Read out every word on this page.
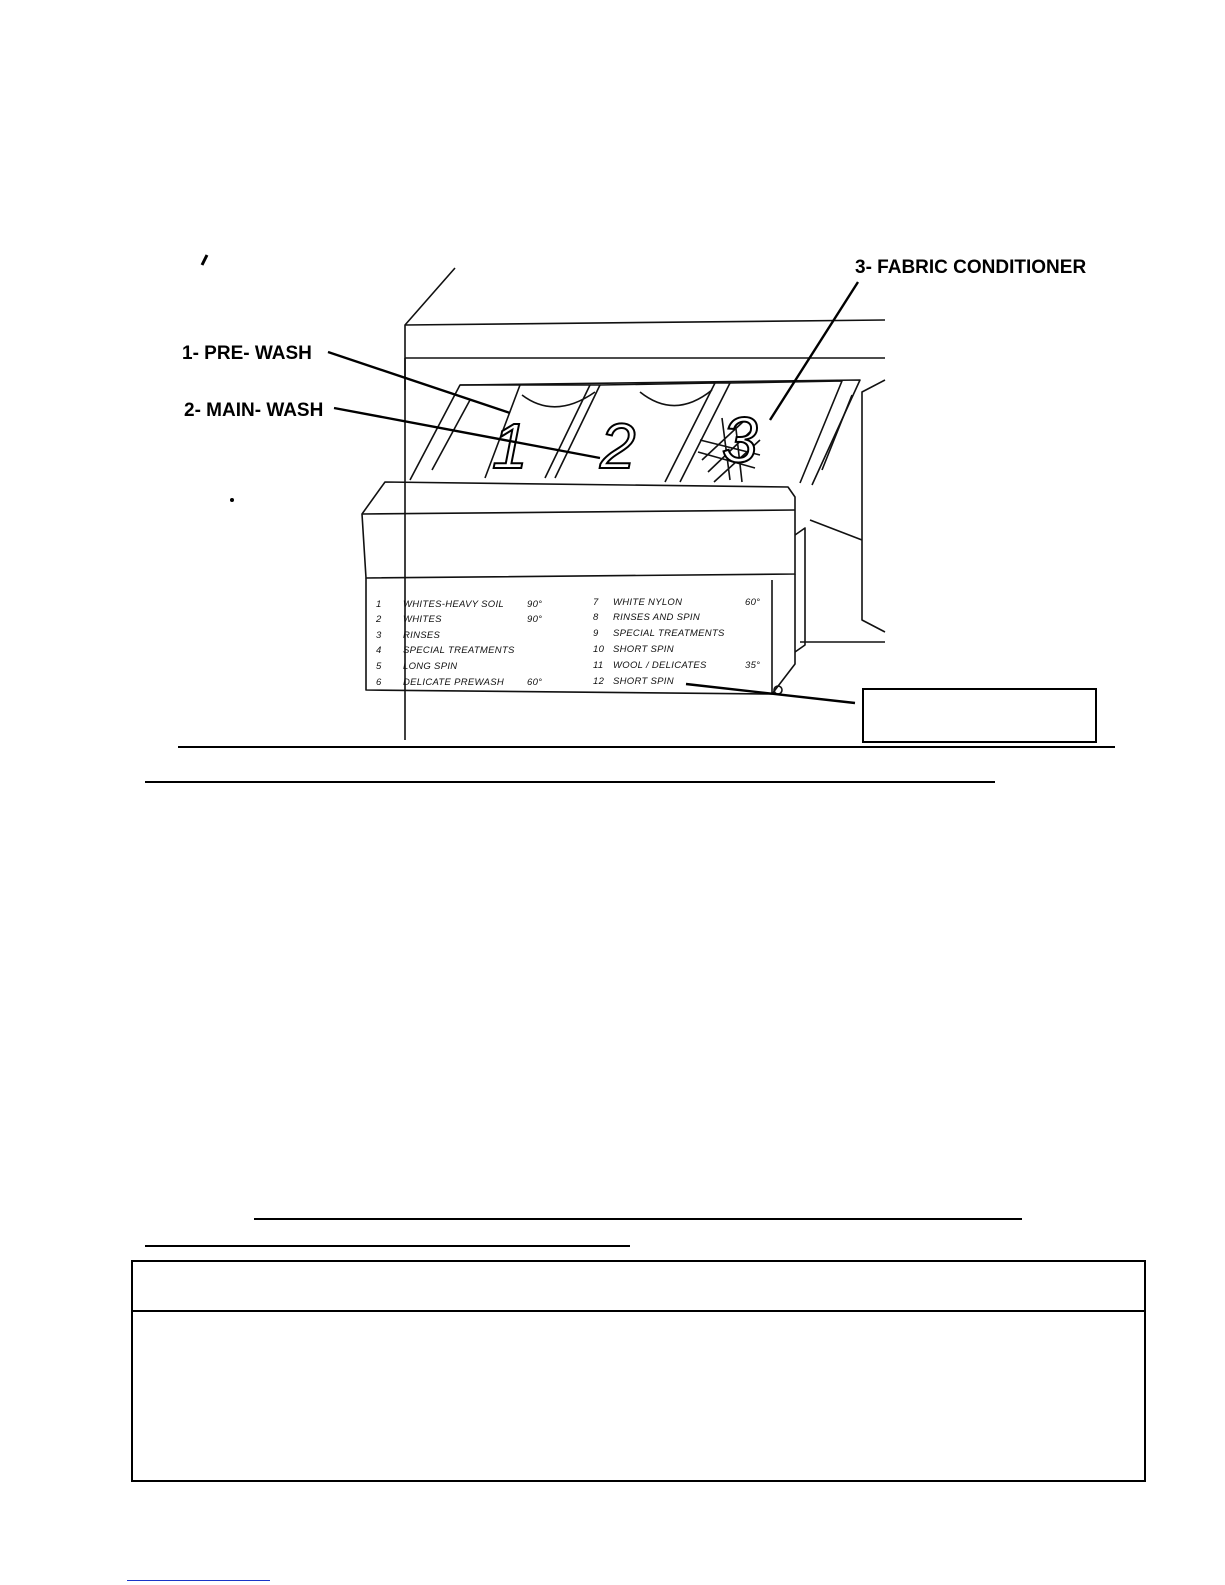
1 2 3
1- PRE- WASH
2- MAIN- WASH
3- FABRIC CONDITIONER
1 WHITES-HEAVY SOIL 90°
2 WHITES	90°
3 RINSES
4 SPECIAL TREATMENTS
5 LONG SPIN
6 DELICATE PREWASH 60°
7 WHITE NYLON	60°
8 RINSES AND SPIN
9 SPECIAL TREATMENTS
10 SHORT SPIN
11 WOOL / DELICATES	35°
12 SHORT SPIN
